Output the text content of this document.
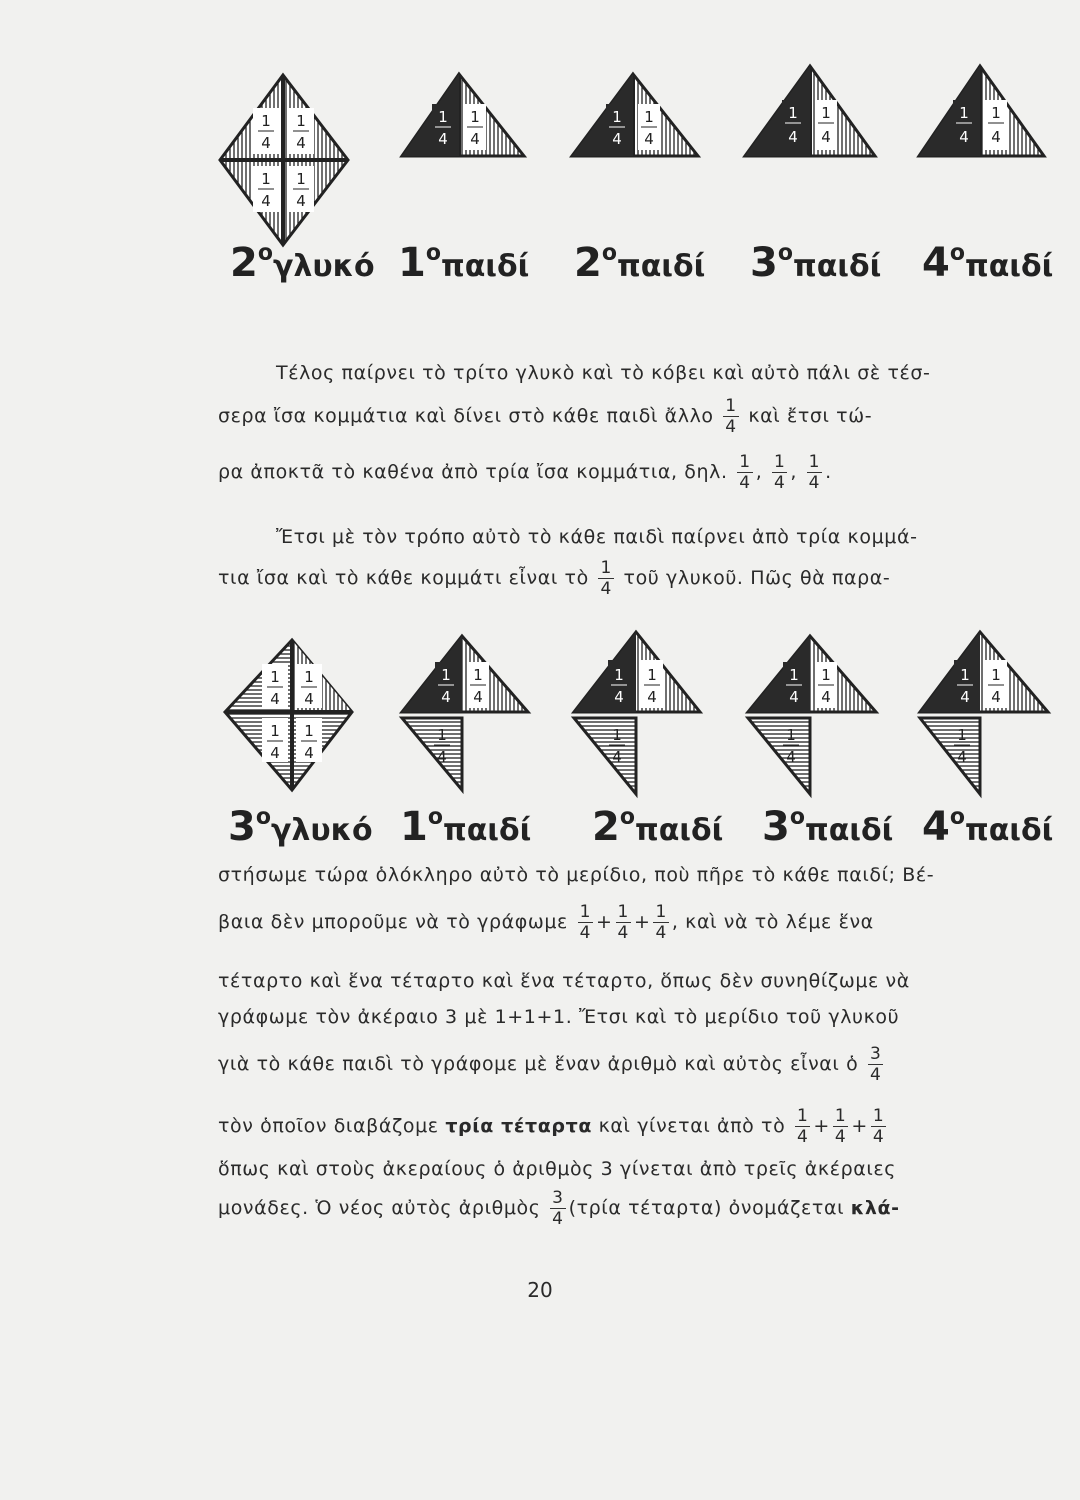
1
4
1
4
1
4
1
4
1
4
1
4
1
4
1
4
1
4
1
4
1
4
1
4
$2^o\gamma\lambda\upsilon\kappa ό$ $1^o\pi\alpha\iota\delta ί$ $2^o\pi\alpha\iota\delta ί$ $3^o\pi\alpha\iota\delta ί$ $4^o\pi\alpha\iota\delta ί$
Τέλος παίρνει τὸ τρίτο γλυκὸ καὶ τὸ κόβει καὶ αὐτὸ πάλι σὲ τέσ-
σερα ἴσα κομμάτια καὶ δίνει στὸ κάθε παιδὶ ἄλλο $\frac{1}{4}$ καὶ ἔτσι τώ-
ρα ἀποκτᾶ τὸ καθένα ἀπὸ τρία ἴσα κομμάτια, δηλ. $\frac{1}{4}$ , $\frac{1}{4}$ , $\frac{1}{4}$ .
Ἔτσι μὲ τὸν τρόπο αὐτὸ τὸ κάθε παιδὶ παίρνει ἀπὸ τρία κομμά-
τια ἴσα καὶ τὸ κάθε κομμάτι εἶναι τὸ $\frac{1}{4}$ τοῦ γλυκοῦ. Πῶς θὰ παρα-
1
4
1
4
1
4
1
4
1
4
1
4
1
4
1
4
1
4
1
4
1
4
1
4
1
4
1
4
1
4
1
4
$3^o\gamma\lambda\upsilon\kappa ό$ $1^o\pi\alpha\iota\delta ί$ $2^o\pi\alpha\iota\delta ί$ $3^o\pi\alpha\iota\delta ί$ $4^o\pi\alpha\iota\delta ί$
στήσωμε τώρα ὁλόκληρο αὐτὸ τὸ μερίδιο, ποὺ πῆρε τὸ κάθε παιδί; Βέ-
βαια δὲν μποροῦμε νὰ τὸ γράφωμε $\frac{1}{4} + \frac{1}{4} + \frac{1}{4}$ , καὶ νὰ τὸ λέμε ἕνα
τέταρτο καὶ ἕνα τέταρτο καὶ ἕνα τέταρτο, ὅπως δὲν συνηθίζωμε νὰ
γράφωμε τὸν ἀκέραιο 3 μὲ 1+1+1. Ἔτσι καὶ τὸ μερίδιο τοῦ γλυκοῦ
γιὰ τὸ κάθε παιδὶ τὸ γράφομε μὲ ἕναν ἀριθμὸ καὶ αὐτὸς εἶναι ὁ $\frac{3}{4}$
τὸν ὁποῖον διαβάζομε τρία τέταρτα καὶ γίνεται ἀπὸ τὸ $\frac{1}{4} + \frac{1}{4} + \frac{1}{4}$
ὅπως καὶ στοὺς ἀκεραίους ὁ ἀριθμὸς 3 γίνεται ἀπὸ τρεῖς ἀκέραιες
μονάδες. Ὁ νέος αὐτὸς ἀριθμὸς $\frac{3}{4} (\tau\rho ί\alpha$ τέταρτα) ὀνομάζεται κλά-
20
